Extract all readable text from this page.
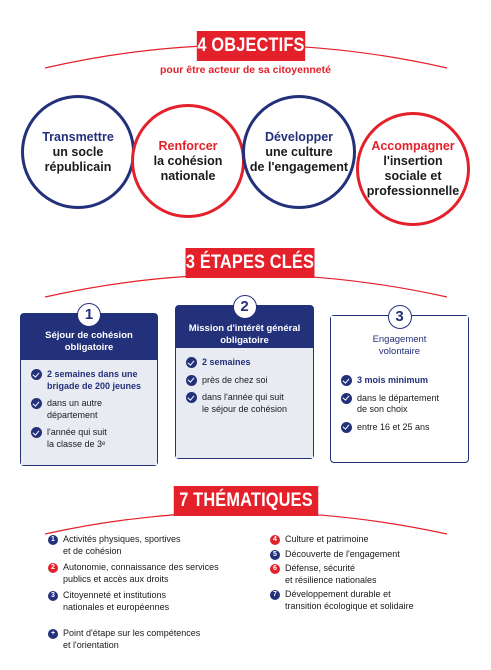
4 OBJECTIFS
pour être acteur de sa citoyenneté
Transmettre
un socle
républicain
Renforcer
la cohésion
nationale
Développer
une culture
de l'engagement
Accompagner
l'insertion
sociale et
professionnelle
3 ÉTAPES CLÉS
1
Séjour de cohésion
obligatoire
2 semaines dans une
brigade de 200 jeunes
dans un autre
département
l'année qui suit
la classe de 3ᵉ
2
Mission d'intérêt général
obligatoire
2 semaines
près de chez soi
dans l'année qui suit
le séjour de cohésion
3
Engagement
volontaire
3 mois minimum
dans le département
de son choix
entre 16 et 25 ans
7 THÉMATIQUES
1 Activités physiques, sportives
et de cohésion
2 Autonomie, connaissance des services
publics et accès aux droits
3 Citoyenneté et institutions
nationales et européennes
+ Point d'étape sur les compétences
et l'orientation
4 Culture et patrimoine
5 Découverte de l'engagement
6 Défense, sécurité
et résilience nationales
7 Développement durable et
transition écologique et solidaire
